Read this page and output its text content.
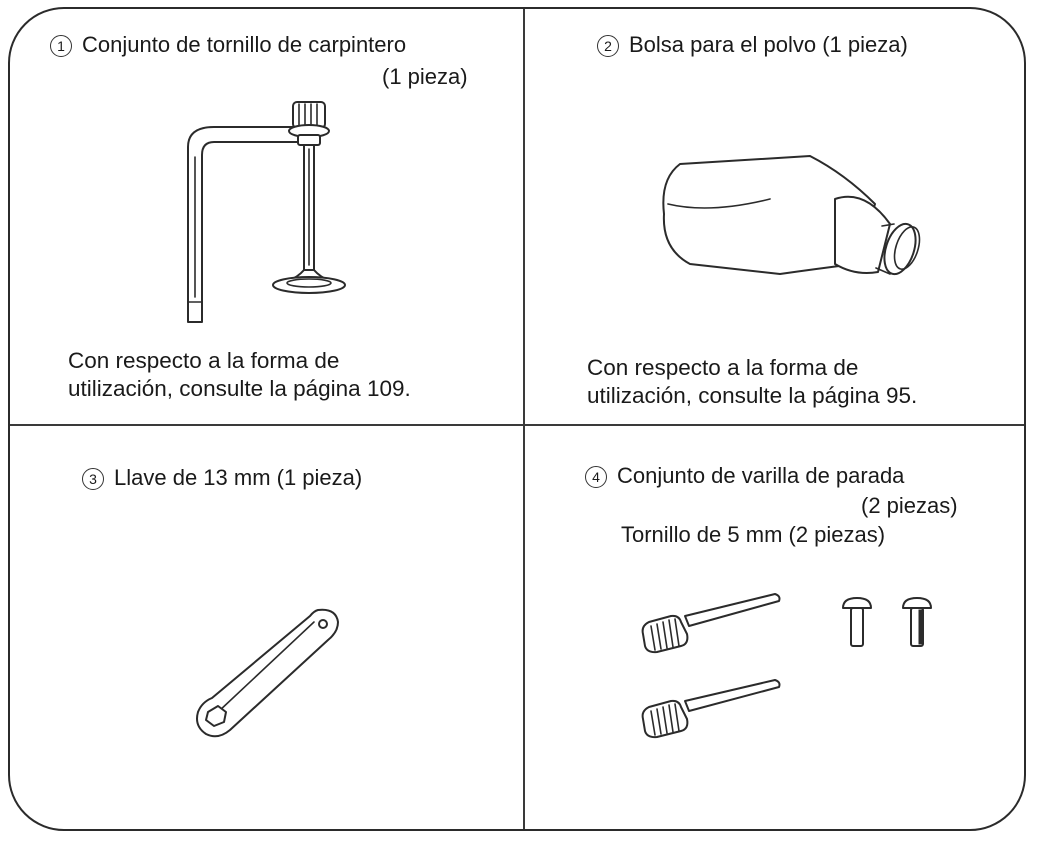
1 Conjunto de tornillo de carpintero
(1 pieza)
Con respecto a la forma de
utilización, consulte la página 109.
2 Bolsa para el polvo (1 pieza)
Con respecto a la forma de
utilización, consulte la página 95.
3 Llave de 13 mm (1 pieza)	4 Conjunto de varilla de parada
(2 piezas)
Tornillo de 5 mm (2 piezas)
